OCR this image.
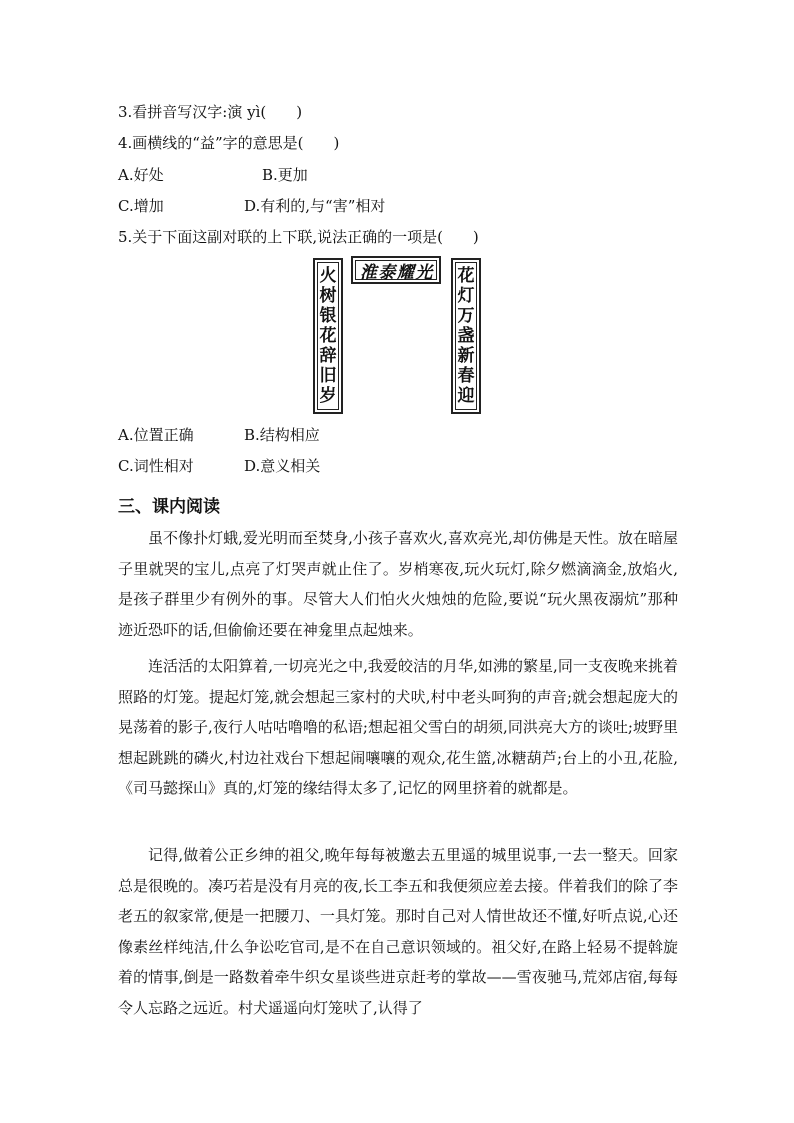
3.看拼音写汉字:演 yì(　　)
4.画横线的“益”字的意思是(　　)
A.好处	B.更加
C.增加	D.有利的,与“害”相对
5.关于下面这副对联的上下联,说法正确的一项是(　　)
火
树
银
花
辞
旧
岁
淮 泰 耀 光 花
灯
万
盏
新
春
迎
A.位置正确	B.结构相应
C.词性相对	D.意义相关
三、课内阅读
虽不像扑灯蛾,爱光明而至焚身,小孩子喜欢火,喜欢亮光,却仿佛是天性。放在暗屋子里就哭的宝儿,点亮了灯哭声就止住了。岁梢寒夜,玩火玩灯,除夕燃滴滴金,放焰火,是孩子群里少有例外的事。尽管大人们怕火火烛烛的危险,要说“玩火黑夜溺炕”那种迹近恐吓的话,但偷偷还要在神龛里点起烛来。
连活活的太阳算着,一切亮光之中,我爱皎洁的月华,如沸的繁星,同一支夜晚来挑着照路的灯笼。提起灯笼,就会想起三家村的犬吠,村中老头呵狗的声音;就会想起庞大的晃荡着的影子,夜行人咕咕噜噜的私语;想起祖父雪白的胡须,同洪亮大方的谈吐;坡野里想起跳跳的磷火,村边社戏台下想起闹嚷嚷的观众,花生篮,冰糖葫芦;台上的小丑,花脸,《司马懿探山》真的,灯笼的缘结得太多了,记忆的网里挤着的就都是。
记得,做着公正乡绅的祖父,晚年每每被邀去五里遥的城里说事,一去一整天。回家总是很晚的。凑巧若是没有月亮的夜,长工李五和我便须应差去接。伴着我们的除了李老五的叙家常,便是一把腰刀、一具灯笼。那时自己对人情世故还不懂,好听点说,心还像素丝样纯洁,什么争讼吃官司,是不在自己意识领域的。祖父好,在路上轻易不提斡旋着的情事,倒是一路数着牵牛织女星谈些进京赶考的掌故——雪夜驰马,荒郊店宿,每每令人忘路之远近。村犬遥遥向灯笼吠了,认得了
